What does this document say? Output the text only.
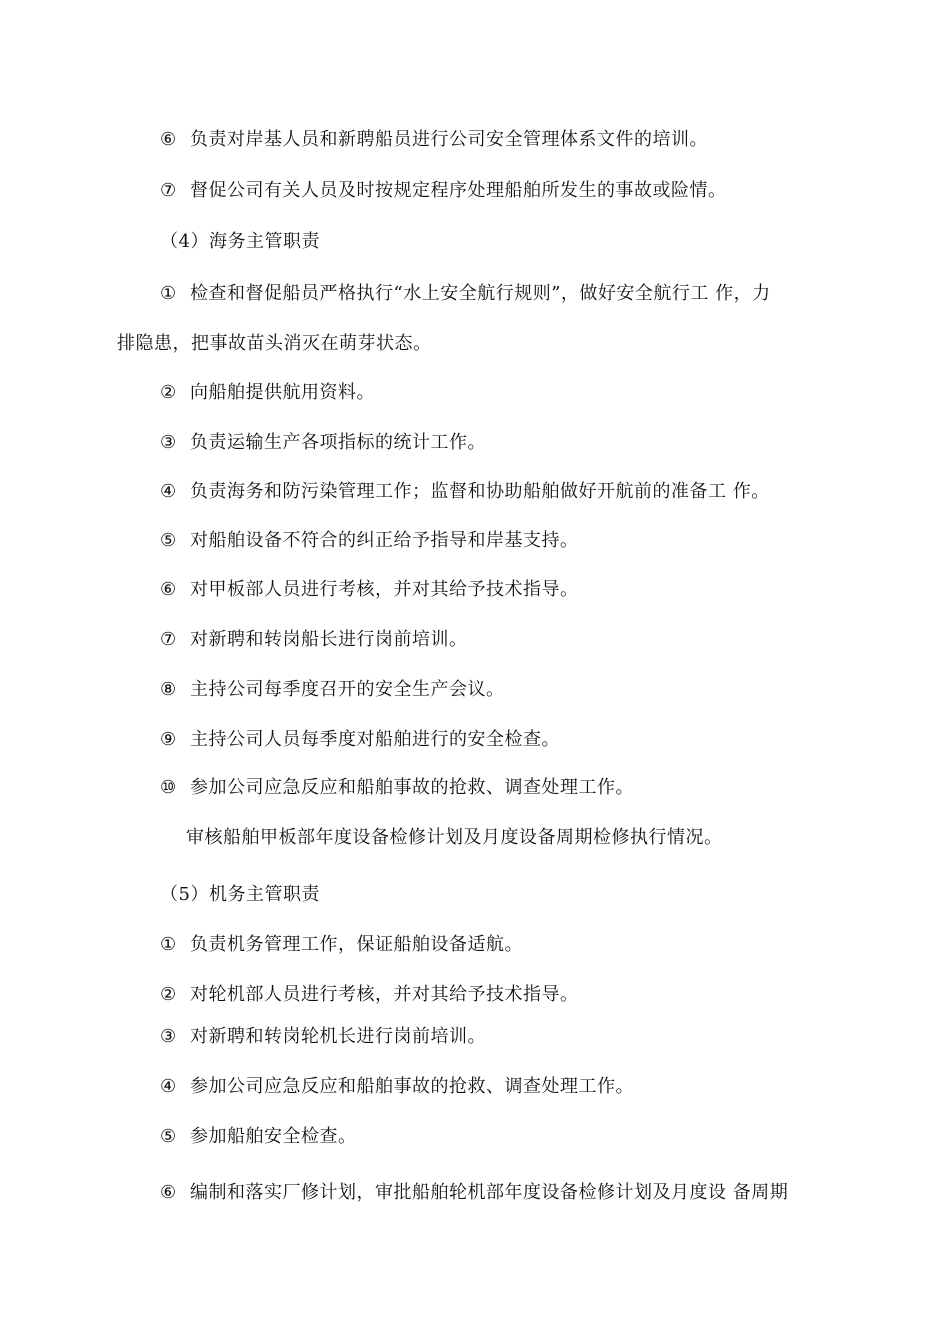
⑥ 负责对岸基人员和新聘船员进行公司安全管理体系文件的培训。

⑦ 督促公司有关人员及时按规定程序处理船舶所发生的事故或险情。

（4）海务主管职责

① 检查和督促船员严格执行“水上安全航行规则”，做好安全航行工 作，力

排隐患，把事故苗头消灭在萌芽状态。

② 向船舶提供航用资料。

③ 负责运输生产各项指标的统计工作。

④ 负责海务和防污染管理工作；监督和协助船舶做好开航前的准备工 作。

⑤ 对船舶设备不符合的纠正给予指导和岸基支持。

⑥ 对甲板部人员进行考核，并对其给予技术指导。

⑦ 对新聘和转岗船长进行岗前培训。

⑧ 主持公司每季度召开的安全生产会议。

⑨ 主持公司人员每季度对船舶进行的安全检查。

⑩ 参加公司应急反应和船舶事故的抢救、调查处理工作。

审核船舶甲板部年度设备检修计划及月度设备周期检修执行情况。

（5）机务主管职责

① 负责机务管理工作，保证船舶设备适航。

② 对轮机部人员进行考核，并对其给予技术指导。

③ 对新聘和转岗轮机长进行岗前培训。

④ 参加公司应急反应和船舶事故的抢救、调查处理工作。

⑤ 参加船舶安全检查。

⑥ 编制和落实厂修计划，审批船舶轮机部年度设备检修计划及月度设 备周期
